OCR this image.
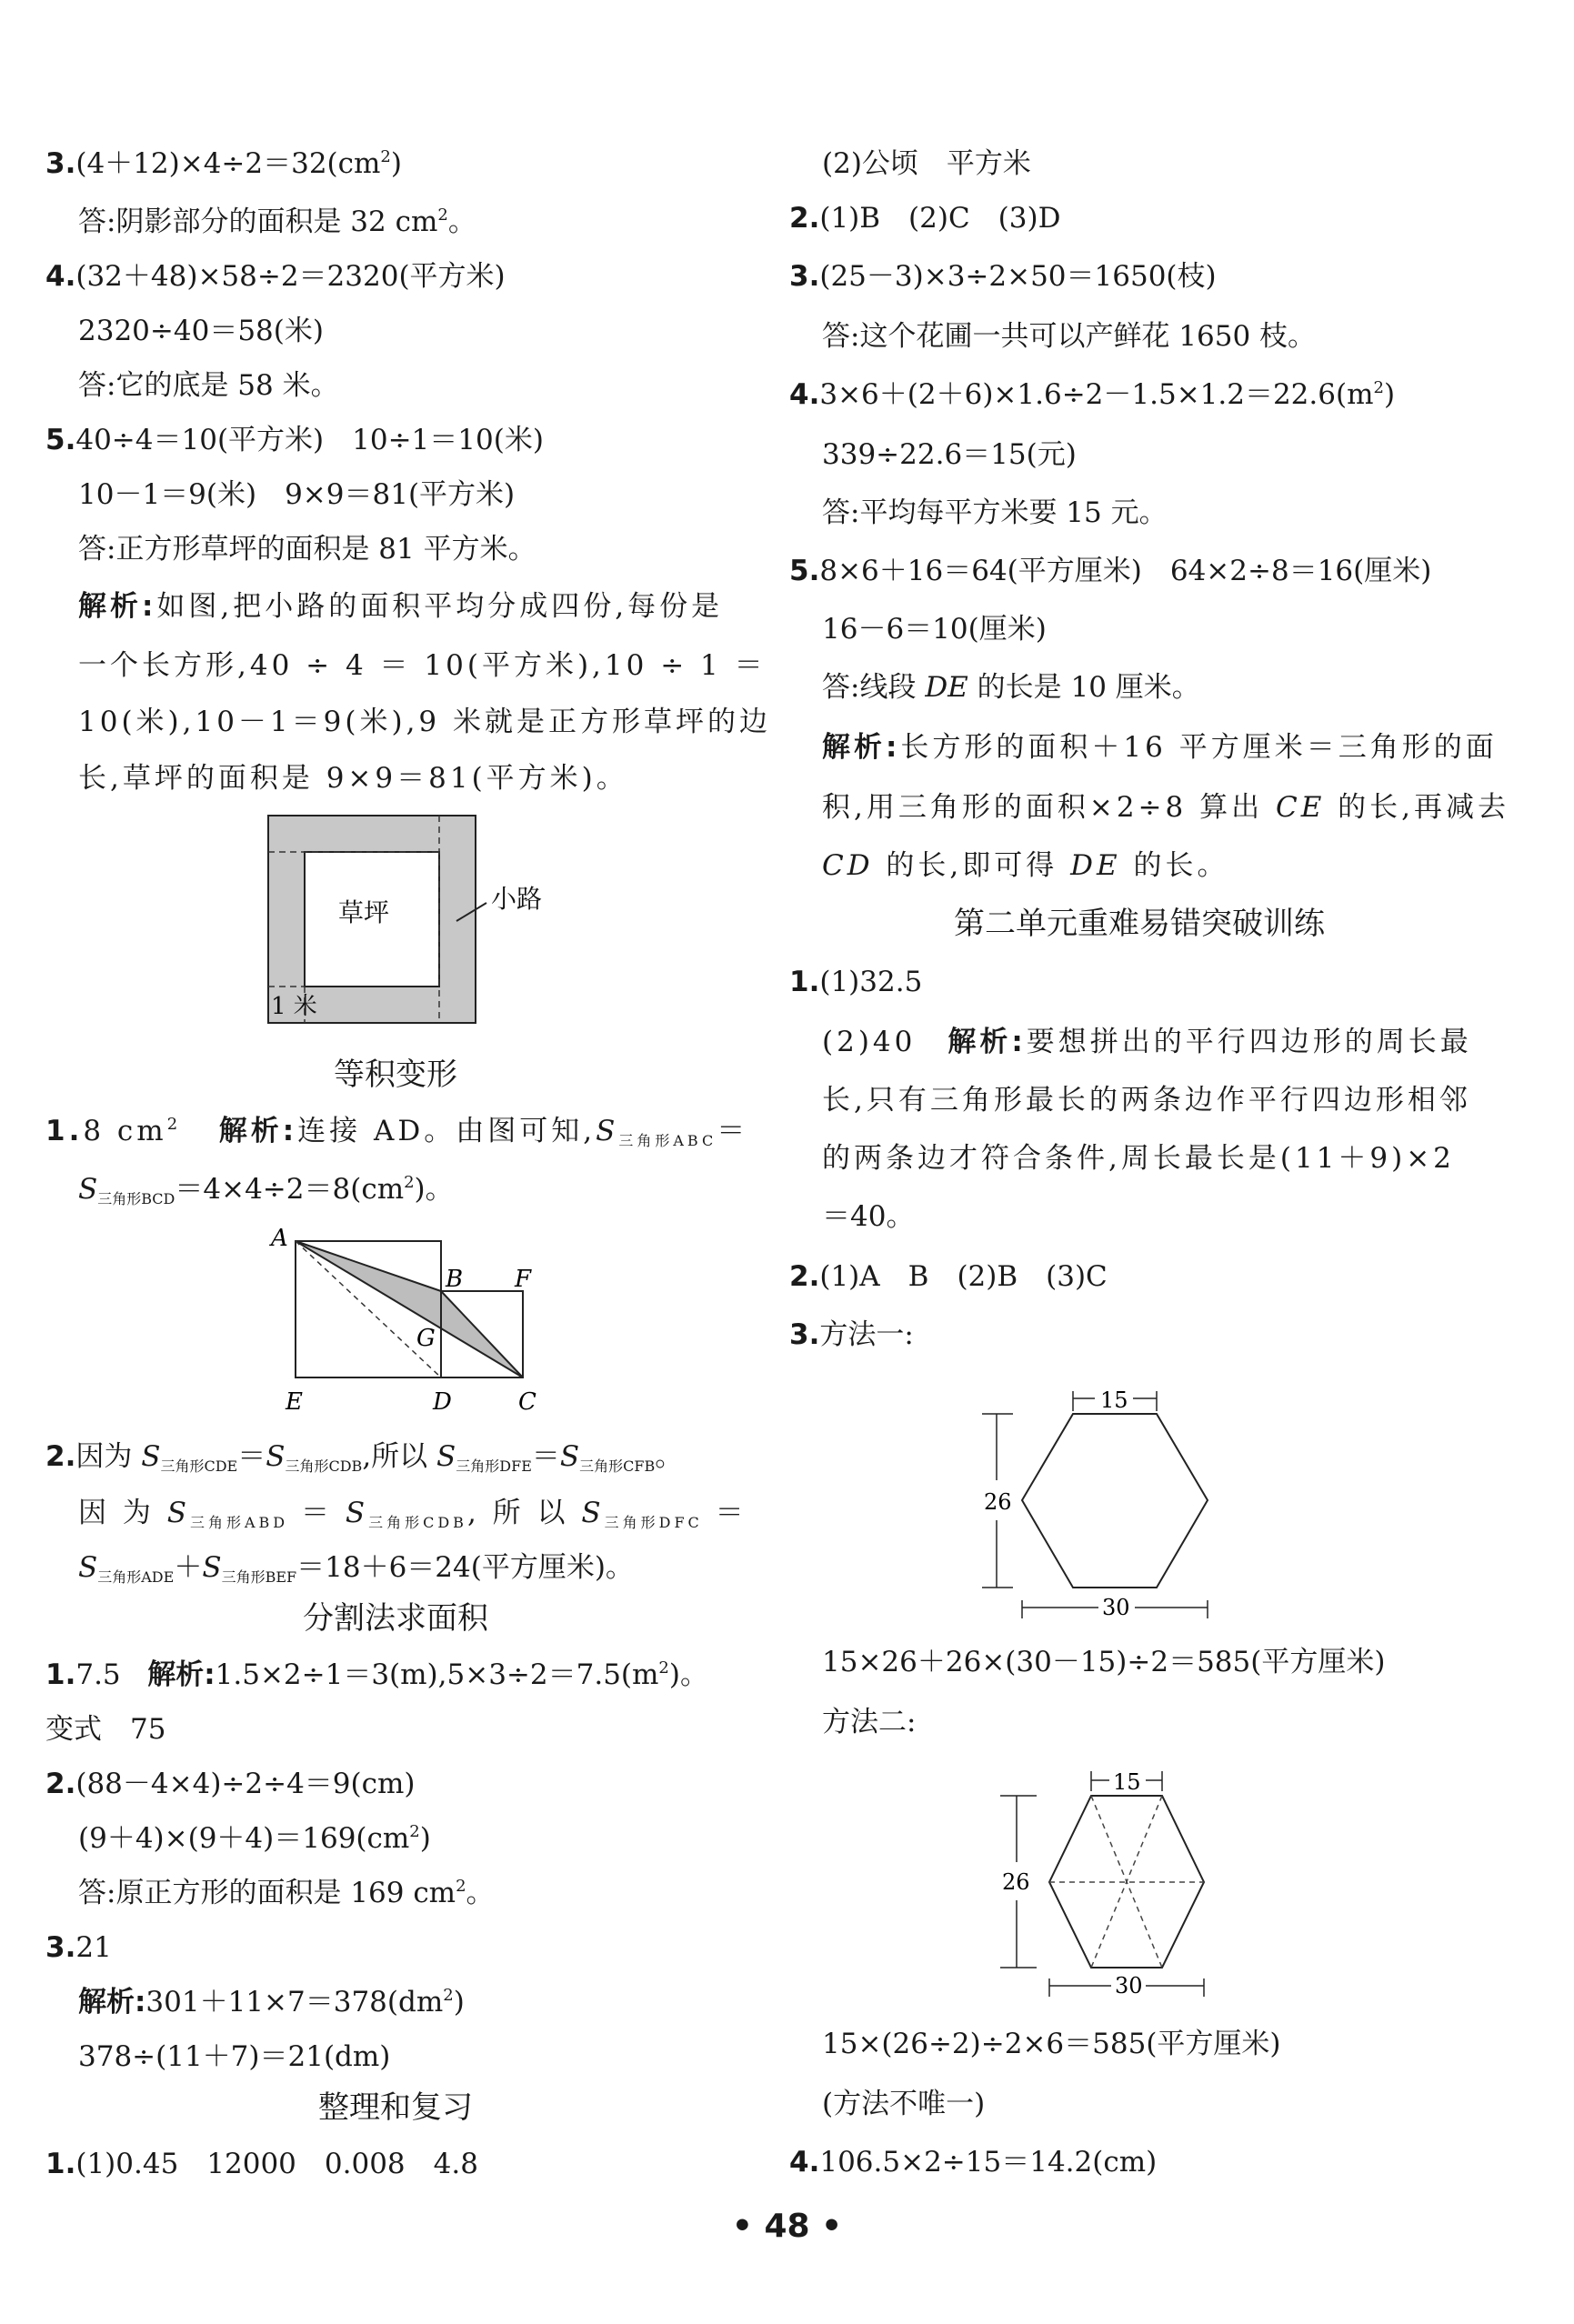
$3.(4+12)\times 4\div 2=32(cm^2)$
答:阴影部分的面积是 32 $cm^2$。
4.(32＋48)×58÷2＝2320(平方米)
2320÷40＝58(米)
答:它的底是 58 米。
5.40÷4＝10(平方米)　10÷1＝10(米)
10－1＝9(米)　9×9＝81(平方米)
答:正方形草坪的面积是 81 平方米。
解析:如图,把小路的面积平均分成四份,每份是
一个长方形,40 ÷ 4 ＝ 10(平方米),10 ÷ 1 ＝
10(米),10－1＝9(米),9 米就是正方形草坪的边
长,草坪的面积是 9×9＝81(平方米)。
草坪	小路
1 米
等积变形
1.8 $cm^2$ 解析:连接 AD。由图可知$,S_{三角形ABC}=$
$S_{三角形BCD}=4\times 4\div 2=8(cm^2)$。
A
B F
G
E	D	C
2.因为 $S_{三角形CDE}=S_{三角形CDB}$,所以 $S_{三角形DFE}=S_{三角形CFB}$。
因 为 $S_{三角形ABD} = S_{三角形CDB}$, 所 以 $S_{三角形DFC}$ ＝
$S_{三角形ADE}+S_{三角形BEF}=18+6=24$(平方厘米)。
分割法求面积
1.7.5 解析$:1.5\times 2\div 1=3(m),5\times 3\div 2=7.5(m^2)$。
变式　75
2.(88－4×4)÷2÷4＝9(cm)
$(9+4)\times(9+4)=169(cm^2)$
答:原正方形的面积是 169 $cm^2$。
3.21
解析$:301+11\times 7=378(dm^2)$
378÷(11＋7)＝21(dm)
整理和复习
1.(1)0.45　12000　0.008　4.8
(2)公顷　平方米
2.(1)B　(2)C　(3)D
3.(25－3)×3÷2×50＝1650(枝)
答:这个花圃一共可以产鲜花 1650 枝。
$4.3\times 6+(2+6)\times 1.6\div 2-1.5\times 1.2=22.6(m^2)$
339÷22.6＝15(元)
答:平均每平方米要 15 元。
5.8×6＋16＝64(平方厘米)　64×2÷8＝16(厘米)
16－6＝10(厘米)
答:线段 DE 的长是 10 厘米。
解析:长方形的面积＋16 平方厘米＝三角形的面
积,用三角形的面积×2÷8 算出 CE 的长,再减去
CD 的长,即可得 DE 的长。
第二单元重难易错突破训练
1.(1)32.5
(2)40　解析:要想拼出的平行四边形的周长最
长,只有三角形最长的两条边作平行四边形相邻
的两条边才符合条件,周长最长是(11＋9)×2
＝40。
2.(1)A　B　(2)B　(3)C
3.方法一:
15
26
30
15×26＋26×(30－15)÷2＝585(平方厘米)
方法二:
15
26
30
15×(26÷2)÷2×6＝585(平方厘米)
(方法不唯一)
4.106.5×2÷15＝14.2(cm)
• 48 •
